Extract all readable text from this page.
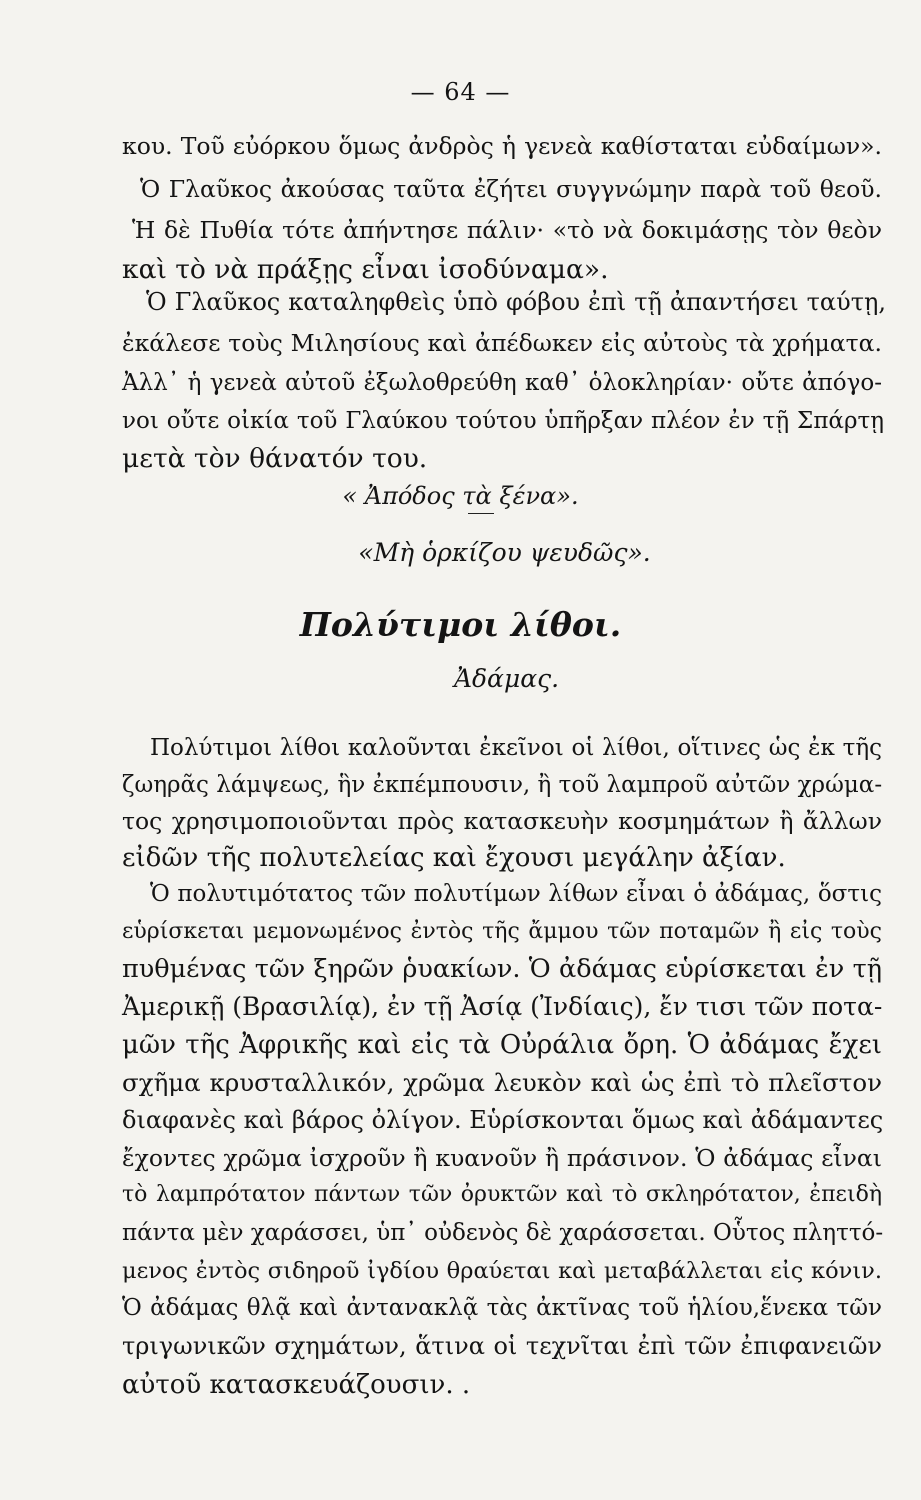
— 64 —
κου. Τοῦ εὐόρκου ὅμως ἀνδρὸς ἡ γενεὰ καθίσταται εὐδαίμων».
Ὁ Γλαῦκος ἀκούσας ταῦτα ἐζήτει συγγνώμην παρὰ τοῦ θεοῦ.
Ἡ δὲ Πυθία τότε ἀπήντησε πάλιν· «τὸ νὰ δοκιμάσῃς τὸν θεὸν
καὶ τὸ νὰ πράξῃς εἶναι ἰσοδύναμα».
Ὁ Γλαῦκος καταληφθεὶς ὑπὸ φόβου ἐπὶ τῇ ἀπαντήσει ταύτῃ,
ἐκάλεσε τοὺς Μιλησίους καὶ ἀπέδωκεν εἰς αὐτοὺς τὰ χρήματα.
Ἀλλ᾽ ἡ γενεὰ αὐτοῦ ἐξωλοθρεύθη καθ᾽ ὁλοκληρίαν· οὔτε ἀπόγο-
νοι οὔτε οἰκία τοῦ Γλαύκου τούτου ὑπῆρξαν πλέον ἐν τῇ Σπάρτῃ
μετὰ τὸν θάνατόν του.
« Ἀπόδος τὰ ξένα».
«Μὴ ὁρκίζου ψευδῶς».
Πολύτιμοι λίθοι.
Ἀδάμας.
Πολύτιμοι λίθοι καλοῦνται ἐκεῖνοι οἱ λίθοι, οἵτινες ὡς ἐκ τῆς
ζωηρᾶς λάμψεως, ἣν ἐκπέμπουσιν, ἢ τοῦ λαμπροῦ αὐτῶν χρώμα-
τος χρησιμοποιοῦνται πρὸς κατασκευὴν κοσμημάτων ἢ ἄλλων
εἰδῶν τῆς πολυτελείας καὶ ἔχουσι μεγάλην ἀξίαν.
Ὁ πολυτιμότατος τῶν πολυτίμων λίθων εἶναι ὁ ἀδάμας, ὅστις
εὑρίσκεται μεμονωμένος ἐντὸς τῆς ἄμμου τῶν ποταμῶν ἢ εἰς τοὺς
πυθμένας τῶν ξηρῶν ῥυακίων. Ὁ ἀδάμας εὑρίσκεται ἐν τῇ
Ἀμερικῇ (Βρασιλίᾳ), ἐν τῇ Ἀσίᾳ (Ἰνδίαις), ἔν τισι τῶν ποτα-
μῶν τῆς Ἀφρικῆς καὶ εἰς τὰ Οὐράλια ὄρη. Ὁ ἀδάμας ἔχει
σχῆμα κρυσταλλικόν, χρῶμα λευκὸν καὶ ὡς ἐπὶ τὸ πλεῖστον
διαφανὲς καὶ βάρος ὀλίγον. Εὑρίσκονται ὅμως καὶ ἀδάμαντες
ἔχοντες χρῶμα ἰσχροῦν ἢ κυανοῦν ἢ πράσινον. Ὁ ἀδάμας εἶναι
τὸ λαμπρότατον πάντων τῶν ὀρυκτῶν καὶ τὸ σκληρότατον, ἐπειδὴ
πάντα μὲν χαράσσει, ὑπ᾽ οὐδενὸς δὲ χαράσσεται. Οὗτος πληττό-
μενος ἐντὸς σιδηροῦ ἰγδίου θραύεται καὶ μεταβάλλεται εἰς κόνιν.
Ὁ ἀδάμας θλᾷ καὶ ἀντανακλᾷ τὰς ἀκτῖνας τοῦ ἡλίου,ἕνεκα τῶν
τριγωνικῶν σχημάτων, ἅτινα οἱ τεχνῖται ἐπὶ τῶν ἐπιφανειῶν
αὐτοῦ κατασκευάζουσιν. .
